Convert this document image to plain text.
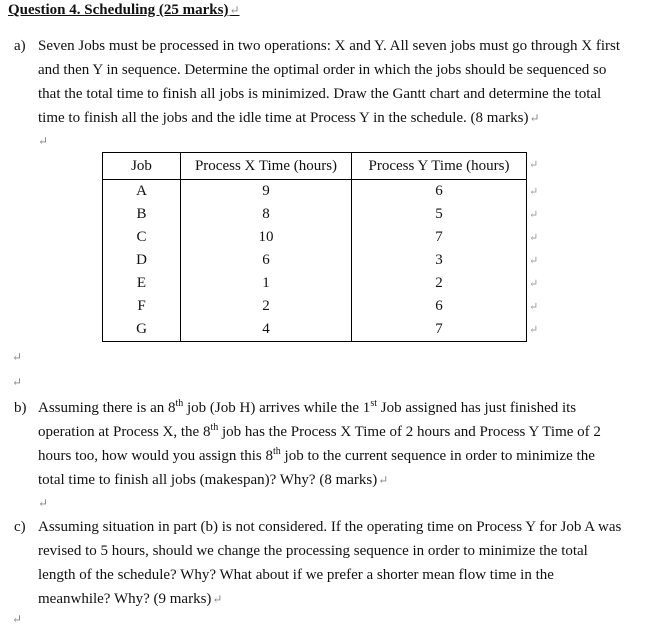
Question 4. Scheduling (25 marks)↵
a) Seven Jobs must be processed in two operations: X and Y. All seven jobs must go through X first and then Y in sequence. Determine the optimal order in which the jobs should be sequenced so that the total time to finish all jobs is minimized. Draw the Gantt chart and determine the total time to finish all the jobs and the idle time at Process Y in the schedule. (8 marks)↵
↵
Job	Process X Time (hours)	Process Y Time (hours)
A	9	6
B	8	5
C	10	7
D	6	3
E	1	2
F	2	6
G	4	7
↵
↵
↵
↵
↵
↵
↵
↵
↵
↵
b) Assuming there is an 8th job (Job H) arrives while the 1st Job assigned has just finished its operation at Process X, the 8th job has the Process X Time of 2 hours and Process Y Time of 2 hours too, how would you assign this 8th job to the current sequence in order to minimize the total time to finish all jobs (makespan)? Why? (8 marks)↵
↵
c) Assuming situation in part (b) is not considered. If the operating time on Process Y for Job A was revised to 5 hours, should we change the processing sequence in order to minimize the total length of the schedule? Why? What about if we prefer a shorter mean flow time in the meanwhile? Why? (9 marks)↵
↵
